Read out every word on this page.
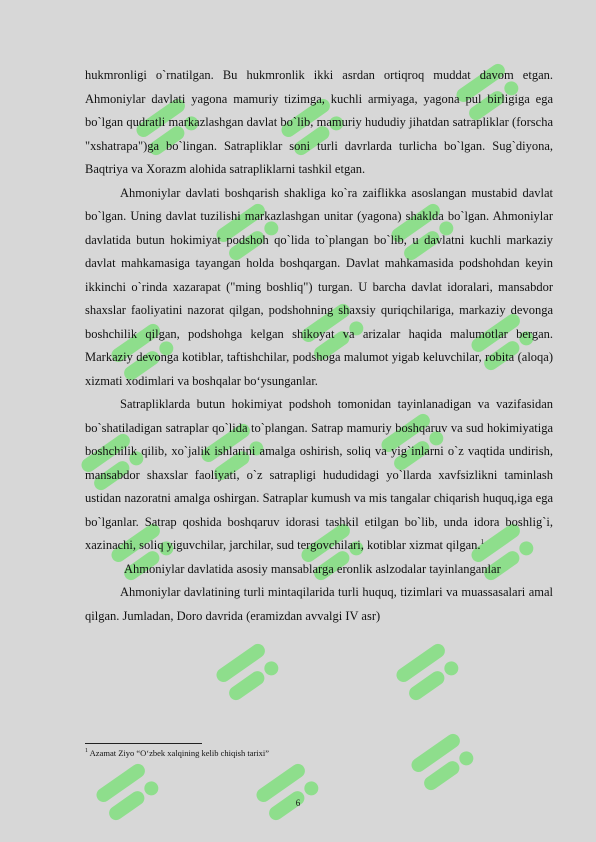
hukmronligi o`rnatilgan. Bu hukmronlik ikki asrdan ortiqroq muddat davom etgan. Ahmoniylar davlati yagona mamuriy tizimga, kuchli armiyaga, yagona pul birligiga ega bo`lgan qudratli markazlashgan davlat bo`lib, mamuriy hududiy jihatdan satrapliklar (forscha "xshatrapa")ga bo`lingan. Satrapliklar soni turli davrlarda turlicha bo`lgan. Sug`diyona, Baqtriya va Xorazm alohida satrapliklarni tashkil etgan.

Ahmoniylar davlati boshqarish shakliga ko`ra zaiflikka asoslangan mustabid davlat bo`lgan. Uning davlat tuzilishi markazlashgan unitar (yagona) shaklda bo`lgan. Ahmoniylar davlatida butun hokimiyat podshoh qo`lida to`plangan bo`lib, u davlatni kuchli markaziy davlat mahkamasiga tayangan holda boshqargan. Davlat mahkamasida podshohdan keyin ikkinchi o`rinda xazarapat ("ming boshliq") turgan. U barcha davlat idoralari, mansabdor shaxslar faoliyatini nazorat qilgan, podshohning shaxsiy quriqchilariga, markaziy devonga boshchilik qilgan, podshohga kelgan shikoyat va arizalar haqida malumotlar bergan. Markaziy devonga kotiblar, taftishchilar, podshoga malumot yigab keluvchilar, robita (aloqa) xizmati xodimlari va boshqalar bo‘ysunganlar.

Satrapliklarda butun hokimiyat podshoh tomonidan tayinlanadigan va vazifasidan bo`shatiladigan satraplar qo`lida to`plangan. Satrap mamuriy boshqaruv va sud hokimiyatiga boshchilik qilib, xo`jalik ishlarini amalga oshirish, soliq va yig`inlarni o`z vaqtida undirish, mansabdor shaxslar faoliyati, o`z satrapligi hududidagi yo`llarda xavfsizlikni taminlash ustidan nazoratni amalga oshirgan. Satraplar kumush va mis tangalar chiqarish huquq,iga ega bo`lganlar. Satrap qoshida boshqaruv idorasi tashkil etilgan bo`lib, unda idora boshlig`i, xazinachi, soliq yiguvchilar, jarchilar, sud tergovchilari, kotiblar xizmat qilgan.$^1$

Ahmoniylar davlatida asosiy mansablarga eronlik aslzodalar tayinlanganlar

Ahmoniylar davlatining turli mintaqilarida turli huquq, tizimlari va muassasalari amal qilgan. Jumladan, Doro davrida (eramizdan avvalgi IV asr)

$^1$ Azamat Ziyo “O‘zbek xalqining kelib chiqish tarixi”
6
